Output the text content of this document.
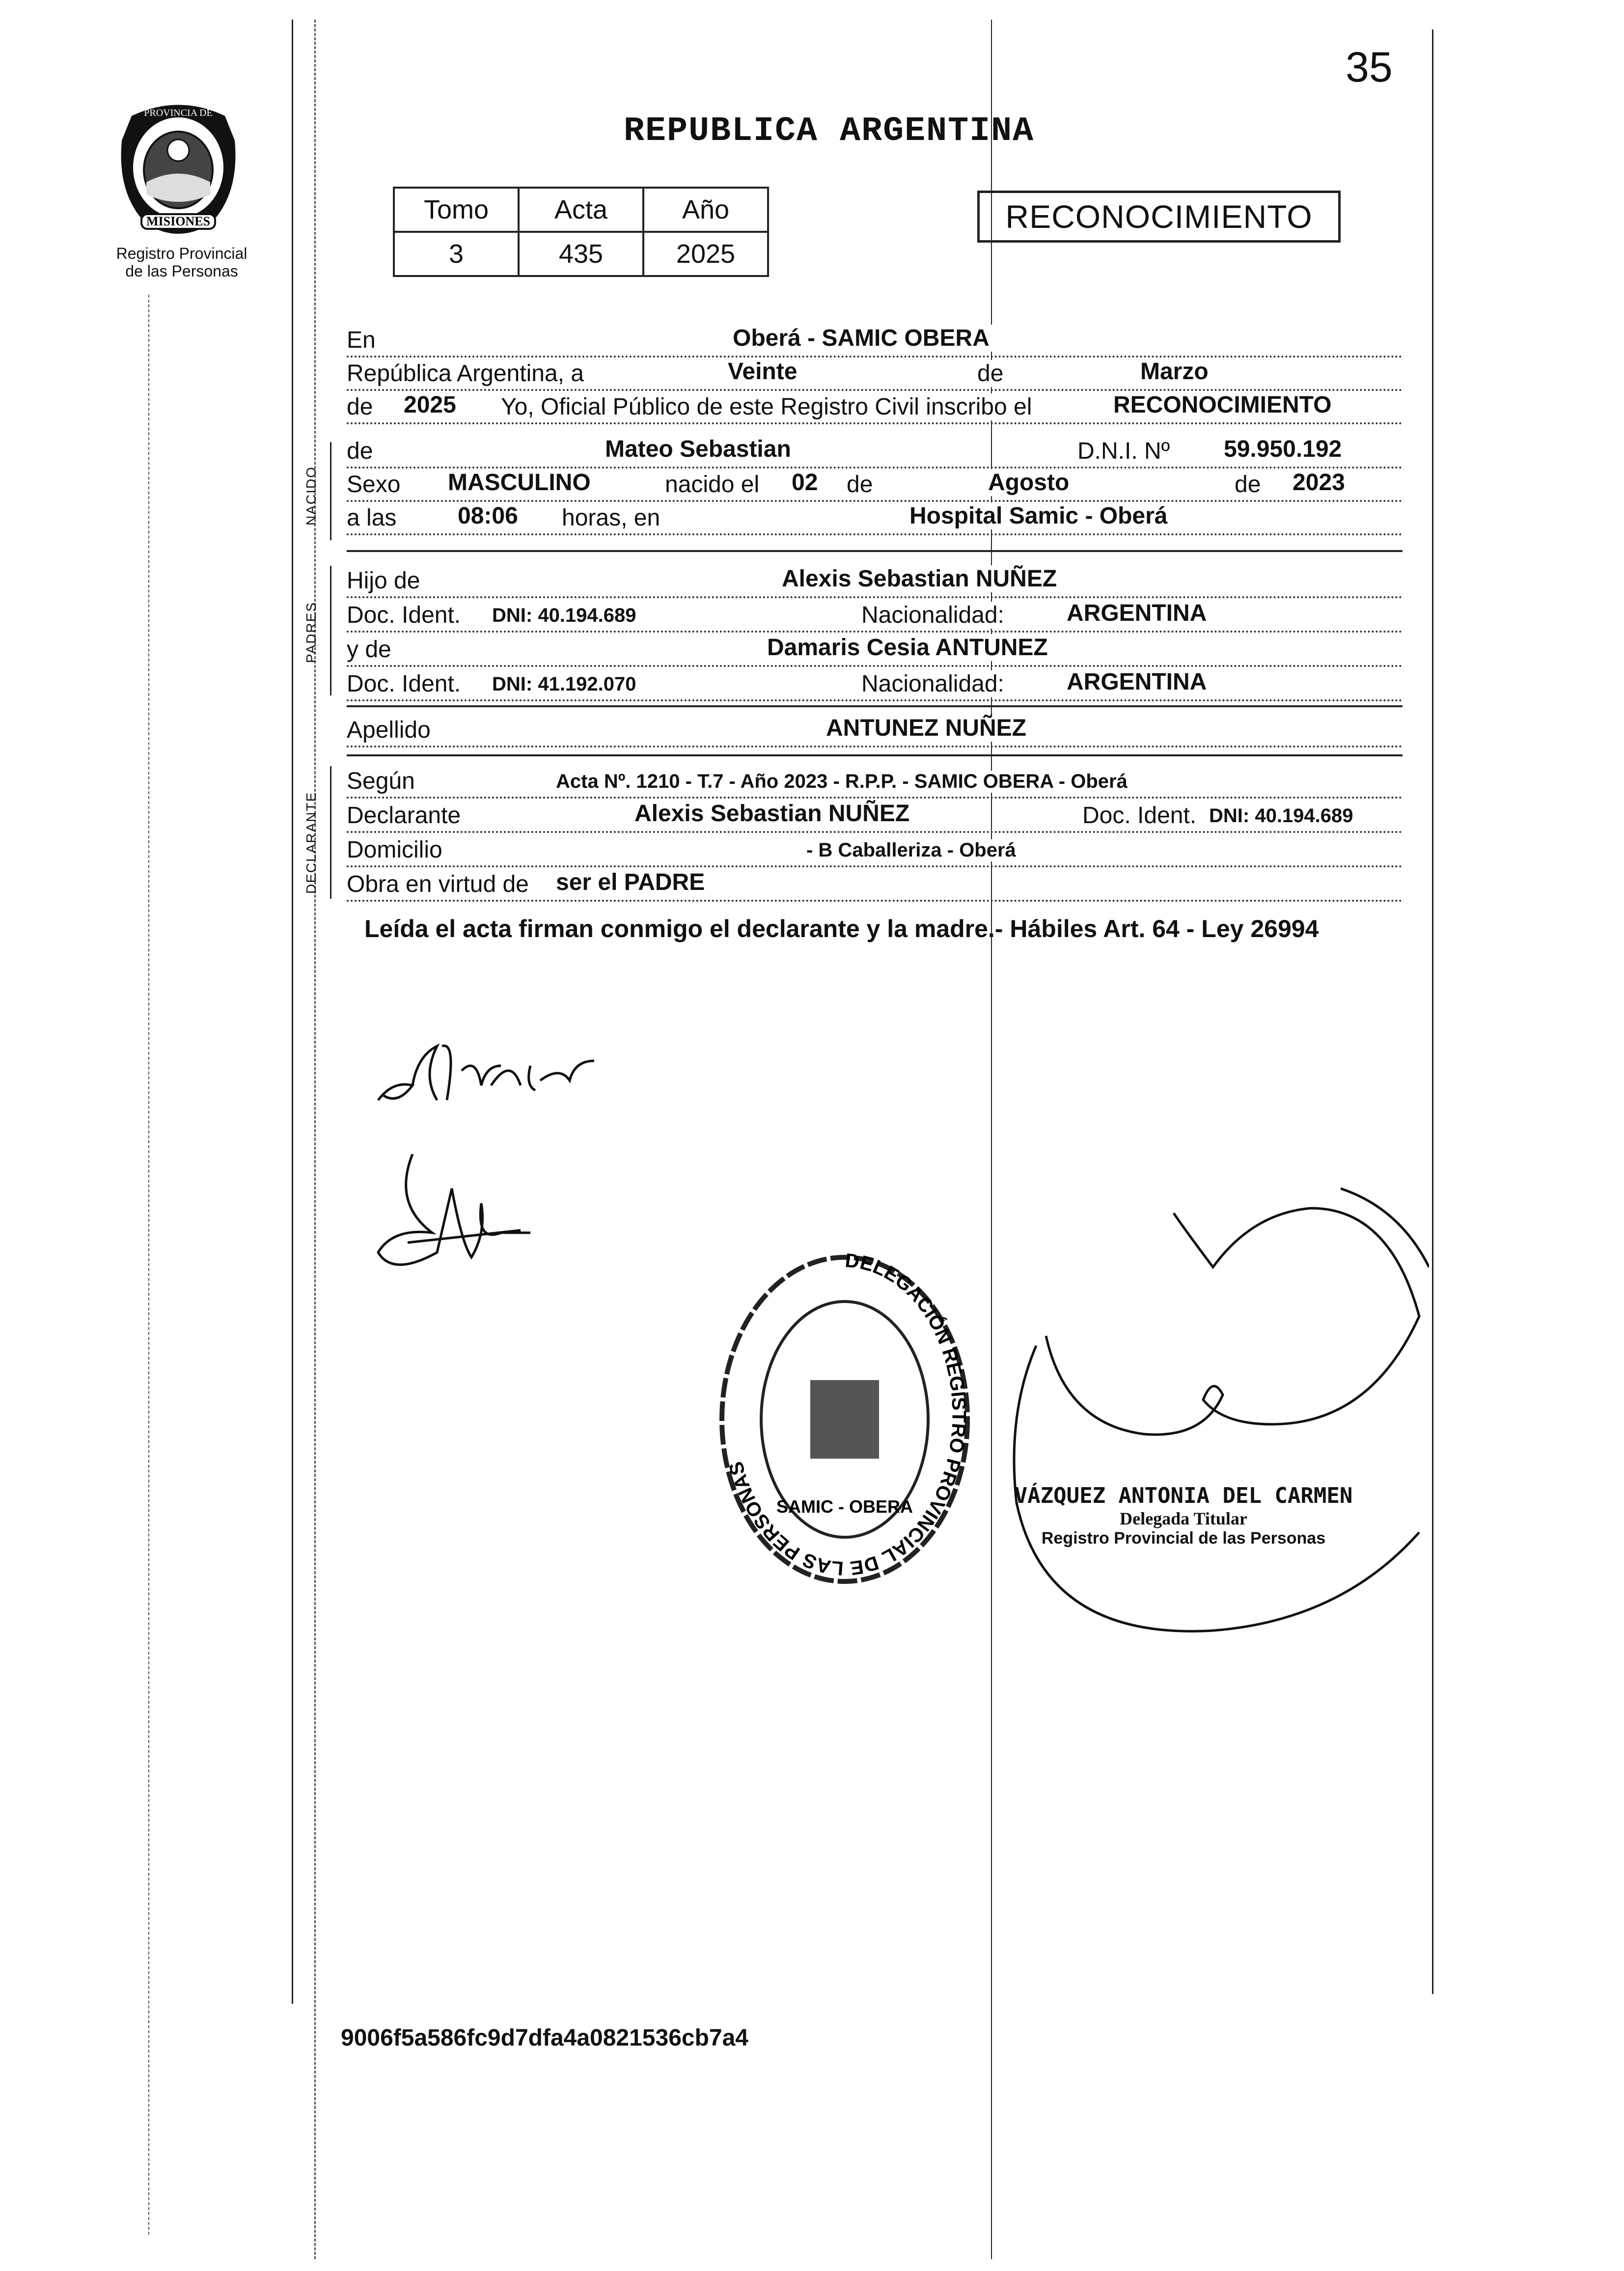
35
REPUBLICA ARGENTINA
MISIONES
PROVINCIA DE
Registro Provincial
de las Personas
Tomo	Acta	Año
3	435	2025
RECONOCIMIENTO
NACIDO
PADRES
DECLARANTE
En	Oberá - SAMIC OBERA
República Argentina, a	Veinte	de	Marzo
de 2025 Yo, Oficial Público de este Registro Civil inscribo el	RECONOCIMIENTO
de	Mateo Sebastian	D.N.I. Nº 59.950.192
Sexo MASCULINO	nacido el 02 de	Agosto	de 2023
a las	08:06 horas, en	Hospital Samic - Oberá
Hijo de	Alexis Sebastian NUÑEZ
Doc. Ident. DNI: 40.194.689	Nacionalidad:	ARGENTINA
y de	Damaris Cesia ANTUNEZ
Doc. Ident. DNI: 41.192.070	Nacionalidad:	ARGENTINA
Apellido	ANTUNEZ NUÑEZ
Según	Acta Nº. 1210 - T.7 - Año 2023 - R.P.P. - SAMIC OBERA - Oberá
Declarante	Alexis Sebastian NUÑEZ	Doc. Ident. DNI: 40.194.689
Domicilio	- B Caballeriza - Oberá
Obra en virtud de ser el PADRE
Leída el acta firman conmigo el declarante y la madre.- Hábiles Art. 64 - Ley 26994
DELEGACIÓN REGISTRO PROVINCIAL DE LAS PERSONAS
SAMIC - OBERA	VÁZQUEZ ANTONIA DEL CARMEN
Delegada Titular
Registro Provincial de las Personas
9006f5a586fc9d7dfa4a0821536cb7a4
